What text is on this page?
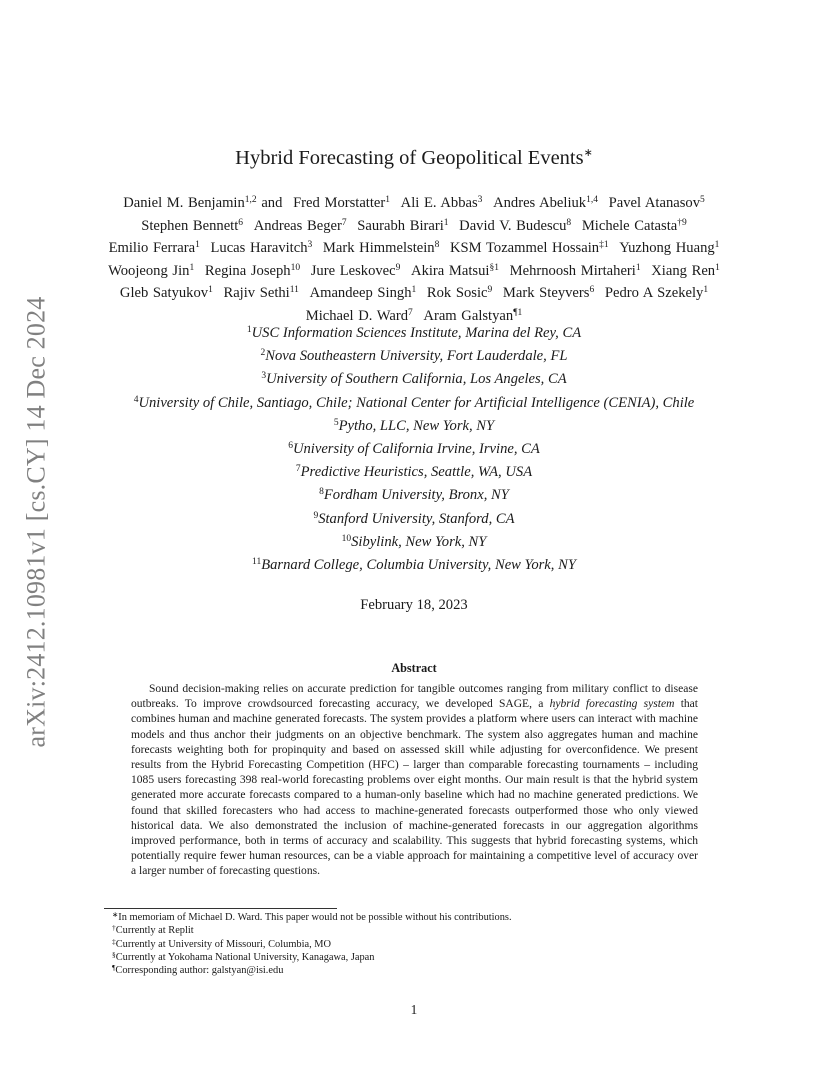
arXiv:2412.10981v1 [cs.CY] 14 Dec 2024
Hybrid Forecasting of Geopolitical Events∗
Daniel M. Benjamin$^{1,2}$ and Fred Morstatter$^1$ Ali E. Abbas$^3$ Andres Abeliuk$^{1,4}$ Pavel Atanasov$^5$ Stephen Bennett$^6$ Andreas Beger$^7$ Saurabh Birari$^1$ David V. Budescu$^8$ Michele Catasta$^{\dagger 9}$ Emilio Ferrara$^1$ Lucas Haravitch$^3$ Mark Himmelstein$^8$ KSM Tozammel Hossain$^{\ddagger 1}$ Yuzhong Huang$^1$ Woojeong Jin$^1$ Regina Joseph$^{10}$ Jure Leskovec$^9$ Akira Matsui$^{\S 1}$ Mehrnoosh Mirtaheri$^1$ Xiang Ren$^1$ Gleb Satyukov$^1$ Rajiv Sethi$^{11}$ Amandeep Singh$^1$ Rok Sosic$^9$ Mark Steyvers$^6$ Pedro A Szekely$^1$ Michael D. Ward$^7$ Aram Galstyan$^{\P 1}$
$^1$USC Information Sciences Institute, Marina del Rey, CA
$^2$Nova Southeastern University, Fort Lauderdale, FL
$^3$University of Southern California, Los Angeles, CA
$^4$University of Chile, Santiago, Chile; National Center for Artificial Intelligence (CENIA), Chile
$^5$Pytho, LLC, New York, NY
$^6$University of California Irvine, Irvine, CA
$^7$Predictive Heuristics, Seattle, WA, USA
$^8$Fordham University, Bronx, NY
$^9$Stanford University, Stanford, CA
$^{10}$Sibylink, New York, NY
$^{11}$Barnard College, Columbia University, New York, NY
February 18, 2023
Abstract

Sound decision-making relies on accurate prediction for tangible outcomes ranging from military conflict to disease outbreaks. To improve crowdsourced forecasting accuracy, we developed SAGE, a hybrid forecasting system that combines human and machine generated forecasts. The system provides a platform where users can interact with machine models and thus anchor their judgments on an objective benchmark. The system also aggregates human and machine forecasts weighting both for propinquity and based on assessed skill while adjusting for overconfidence. We present results from the Hybrid Forecasting Competition (HFC) – larger than comparable forecasting tournaments – including 1085 users forecasting 398 real-world forecasting problems over eight months. Our main result is that the hybrid system generated more accurate forecasts compared to a human-only baseline which had no machine generated predictions. We found that skilled forecasters who had access to machine-generated forecasts outperformed those who only viewed historical data. We also demonstrated the inclusion of machine-generated forecasts in our aggregation algorithms improved performance, both in terms of accuracy and scalability. This suggests that hybrid forecasting systems, which potentially require fewer human resources, can be a viable approach for maintaining a competitive level of accuracy over a larger number of forecasting questions.

∗In memoriam of Michael D. Ward. This paper would not be possible without his contributions.
†Currently at Replit
‡Currently at University of Missouri, Columbia, MO
§Currently at Yokohama National University, Kanagawa, Japan
¶Corresponding author: galstyan@isi.edu
1
